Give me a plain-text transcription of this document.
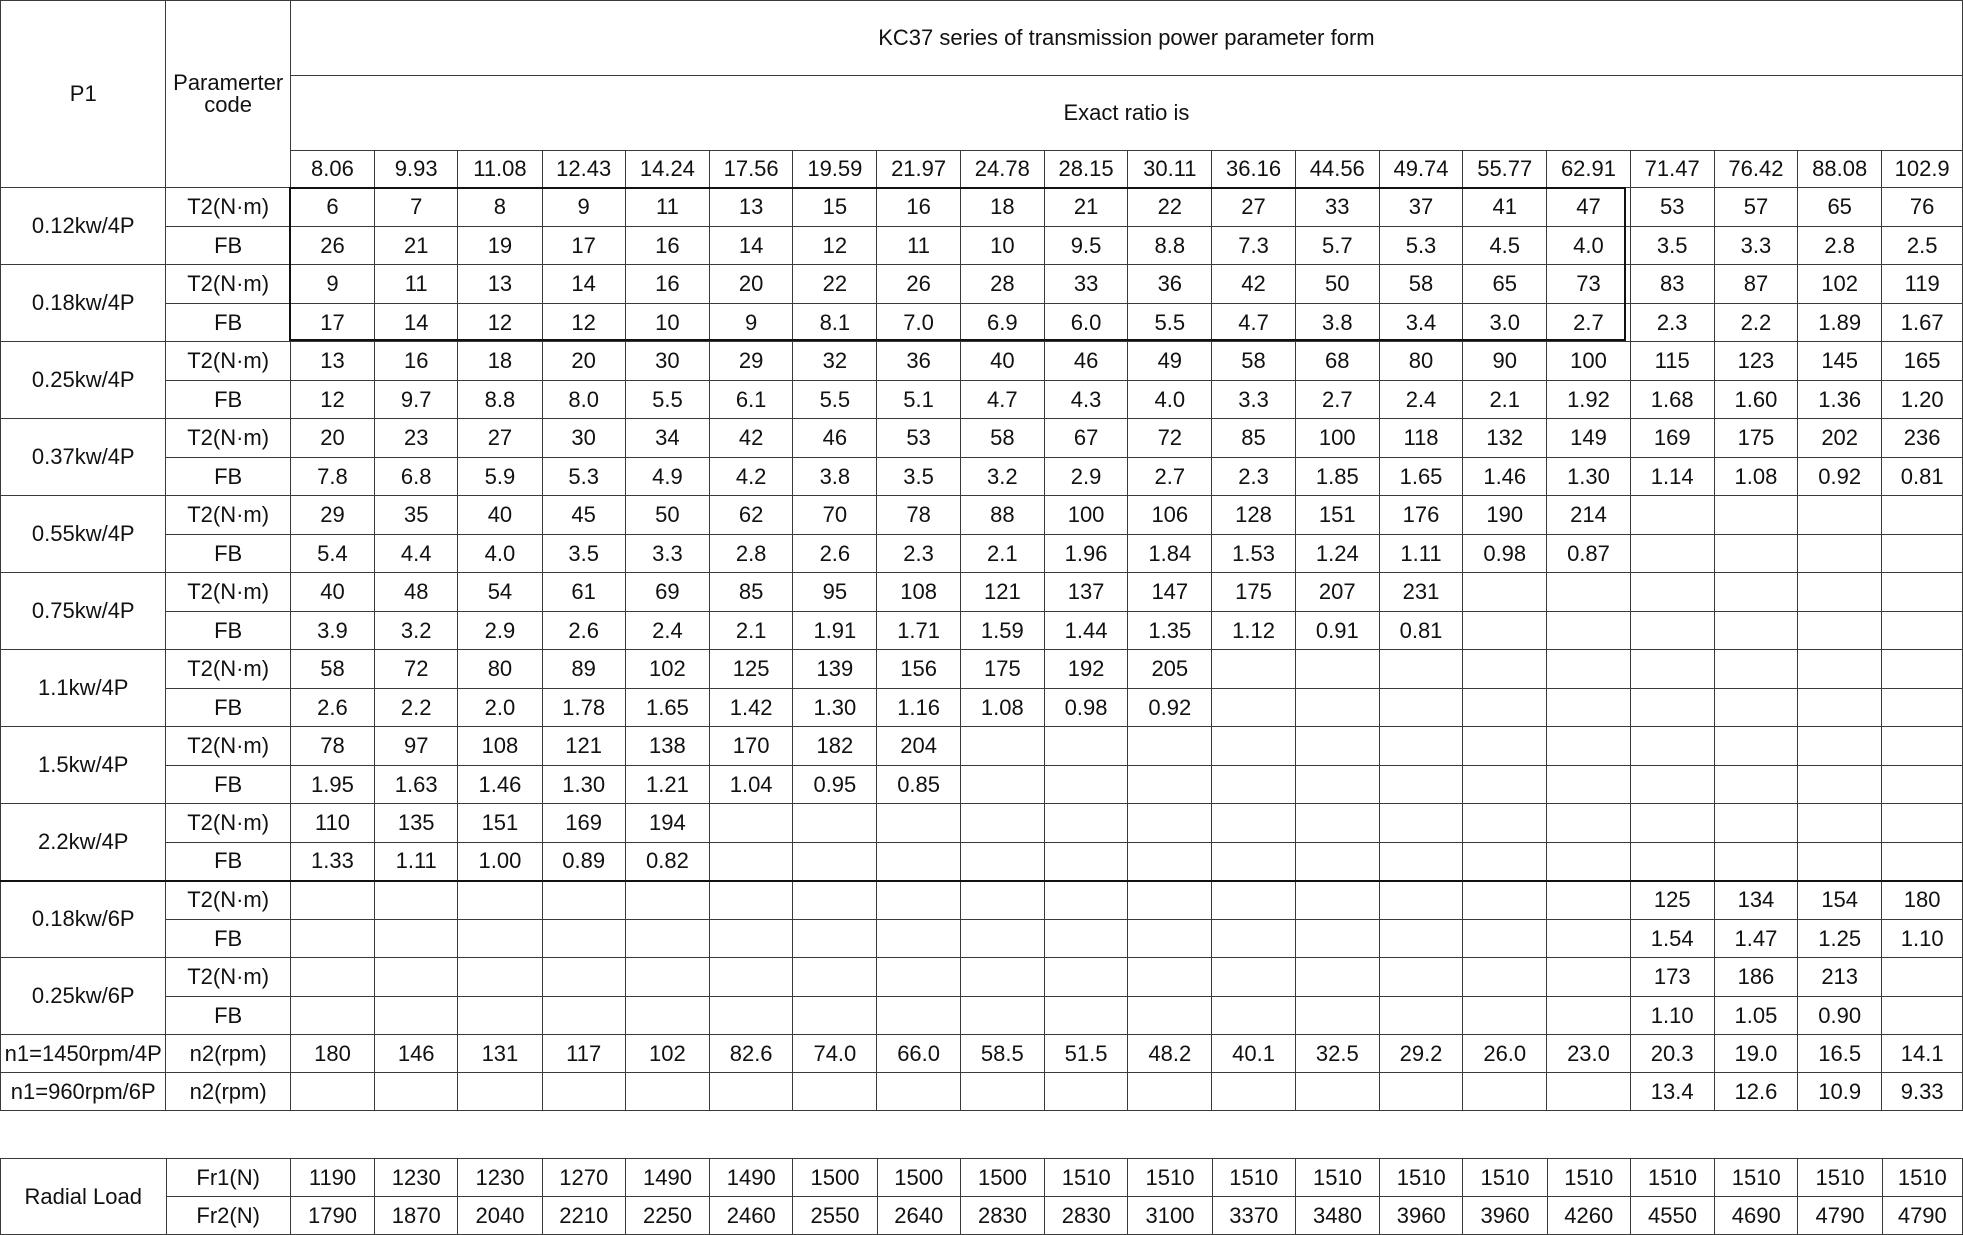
P1	Paramerter code	KC37 series of transmission power parameter form																			
		Exact ratio is																			
		8.06	9.93	11.08	12.43	14.24	17.56	19.59	21.97	24.78	28.15	30.11	36.16	44.56	49.74	55.77	62.91	71.47	76.42	88.08	102.9
0.12kw/4P	T2(N·m)	6	7	8	9	11	13	15	16	18	21	22	27	33	37	41	47	53	57	65	76
	FB	26	21	19	17	16	14	12	11	10	9.5	8.8	7.3	5.7	5.3	4.5	4.0	3.5	3.3	2.8	2.5
0.18kw/4P	T2(N·m)	9	11	13	14	16	20	22	26	28	33	36	42	50	58	65	73	83	87	102	119
	FB	17	14	12	12	10	9	8.1	7.0	6.9	6.0	5.5	4.7	3.8	3.4	3.0	2.7	2.3	2.2	1.89	1.67
0.25kw/4P	T2(N·m)	13	16	18	20	30	29	32	36	40	46	49	58	68	80	90	100	115	123	145	165
	FB	12	9.7	8.8	8.0	5.5	6.1	5.5	5.1	4.7	4.3	4.0	3.3	2.7	2.4	2.1	1.92	1.68	1.60	1.36	1.20
0.37kw/4P	T2(N·m)	20	23	27	30	34	42	46	53	58	67	72	85	100	118	132	149	169	175	202	236
	FB	7.8	6.8	5.9	5.3	4.9	4.2	3.8	3.5	3.2	2.9	2.7	2.3	1.85	1.65	1.46	1.30	1.14	1.08	0.92	0.81
0.55kw/4P	T2(N·m)	29	35	40	45	50	62	70	78	88	100	106	128	151	176	190	214				
	FB	5.4	4.4	4.0	3.5	3.3	2.8	2.6	2.3	2.1	1.96	1.84	1.53	1.24	1.11	0.98	0.87				
0.75kw/4P	T2(N·m)	40	48	54	61	69	85	95	108	121	137	147	175	207	231						
	FB	3.9	3.2	2.9	2.6	2.4	2.1	1.91	1.71	1.59	1.44	1.35	1.12	0.91	0.81						
1.1kw/4P	T2(N·m)	58	72	80	89	102	125	139	156	175	192	205									
	FB	2.6	2.2	2.0	1.78	1.65	1.42	1.30	1.16	1.08	0.98	0.92									
1.5kw/4P	T2(N·m)	78	97	108	121	138	170	182	204												
	FB	1.95	1.63	1.46	1.30	1.21	1.04	0.95	0.85												
2.2kw/4P	T2(N·m)	110	135	151	169	194															
	FB	1.33	1.11	1.00	0.89	0.82															
0.18kw/6P	T2(N·m)																	125	134	154	180
	FB																	1.54	1.47	1.25	1.10
0.25kw/6P	T2(N·m)																	173	186	213	
	FB																	1.10	1.05	0.90	
n1=1450rpm/4P	n2(rpm)	180	146	131	117	102	82.6	74.0	66.0	58.5	51.5	48.2	40.1	32.5	29.2	26.0	23.0	20.3	19.0	16.5	14.1
n1=960rpm/6P	n2(rpm)																	13.4	12.6	10.9	9.33
Radial Load	Fr1(N)	1190	1230	1230	1270	1490	1490	1500	1500	1500	1510	1510	1510	1510	1510	1510	1510	1510	1510	1510	1510
	Fr2(N)	1790	1870	2040	2210	2250	2460	2550	2640	2830	2830	3100	3370	3480	3960	3960	4260	4550	4690	4790	4790
